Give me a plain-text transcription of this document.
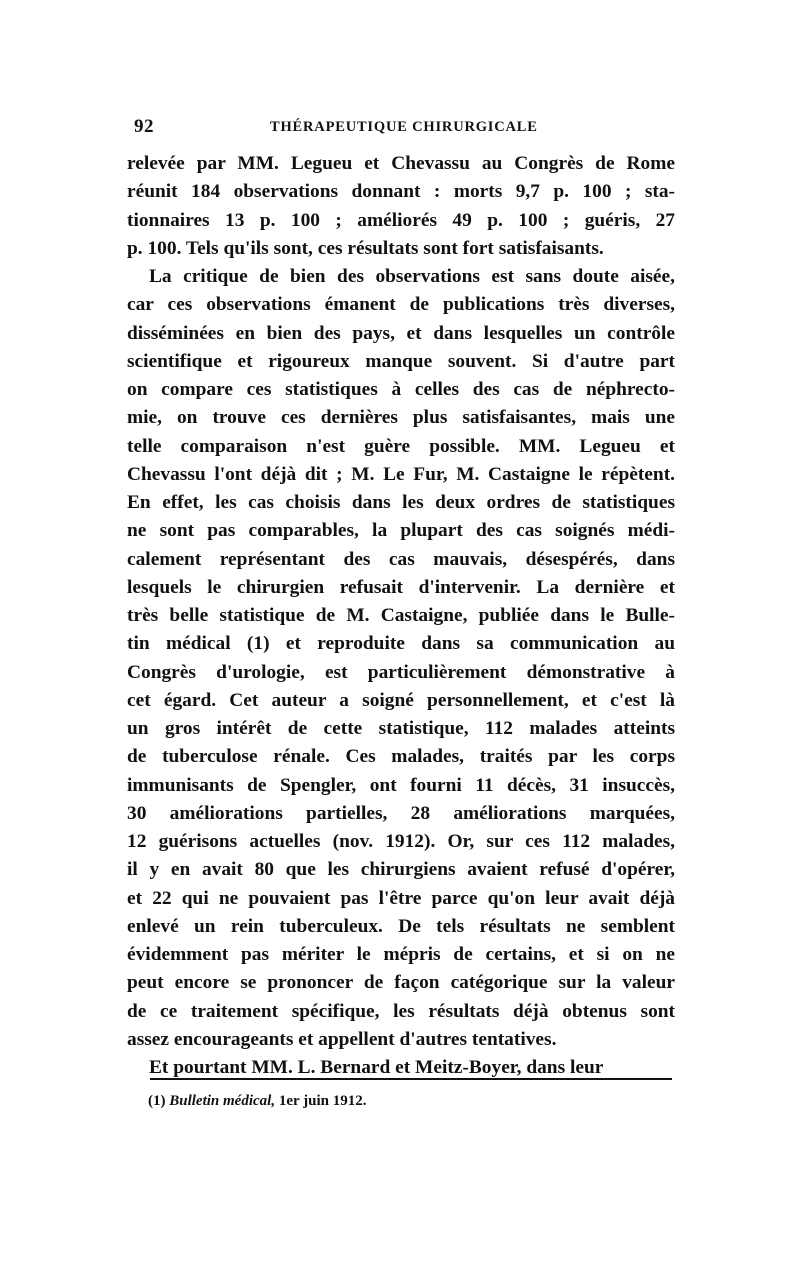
92	THÉRAPEUTIQUE CHIRURGICALE

relevée par MM. Legueu et Chevassu au Congrès de Rome
réunit 184 observations donnant : morts 9,7 p. 100 ; sta-
tionnaires 13 p. 100 ; améliorés 49 p. 100 ; guéris, 27
p. 100. Tels qu'ils sont, ces résultats sont fort satisfaisants.

La critique de bien des observations est sans doute aisée,
car ces observations émanent de publications très diverses,
disséminées en bien des pays, et dans lesquelles un contrôle
scientifique et rigoureux manque souvent. Si d'autre part
on compare ces statistiques à celles des cas de néphrecto-
mie, on trouve ces dernières plus satisfaisantes, mais une
telle comparaison n'est guère possible. MM. Legueu et
Chevassu l'ont déjà dit ; M. Le Fur, M. Castaigne le répètent.
En effet, les cas choisis dans les deux ordres de statistiques
ne sont pas comparables, la plupart des cas soignés médi-
calement représentant des cas mauvais, désespérés, dans
lesquels le chirurgien refusait d'intervenir. La dernière et
très belle statistique de M. Castaigne, publiée dans le Bulle-
tin médical (1) et reproduite dans sa communication au
Congrès d'urologie, est particulièrement démonstrative à
cet égard. Cet auteur a soigné personnellement, et c'est là
un gros intérêt de cette statistique, 112 malades atteints
de tuberculose rénale. Ces malades, traités par les corps
immunisants de Spengler, ont fourni 11 décès, 31 insuccès,
30 améliorations partielles, 28 améliorations marquées,
12 guérisons actuelles (nov. 1912). Or, sur ces 112 malades,
il y en avait 80 que les chirurgiens avaient refusé d'opérer,
et 22 qui ne pouvaient pas l'être parce qu'on leur avait déjà
enlevé un rein tuberculeux. De tels résultats ne semblent
évidemment pas mériter le mépris de certains, et si on ne
peut encore se prononcer de façon catégorique sur la valeur
de ce traitement spécifique, les résultats déjà obtenus sont
assez encourageants et appellent d'autres tentatives.

Et pourtant MM. L. Bernard et Meitz-Boyer, dans leur

(1) Bulletin médical, 1er juin 1912.
